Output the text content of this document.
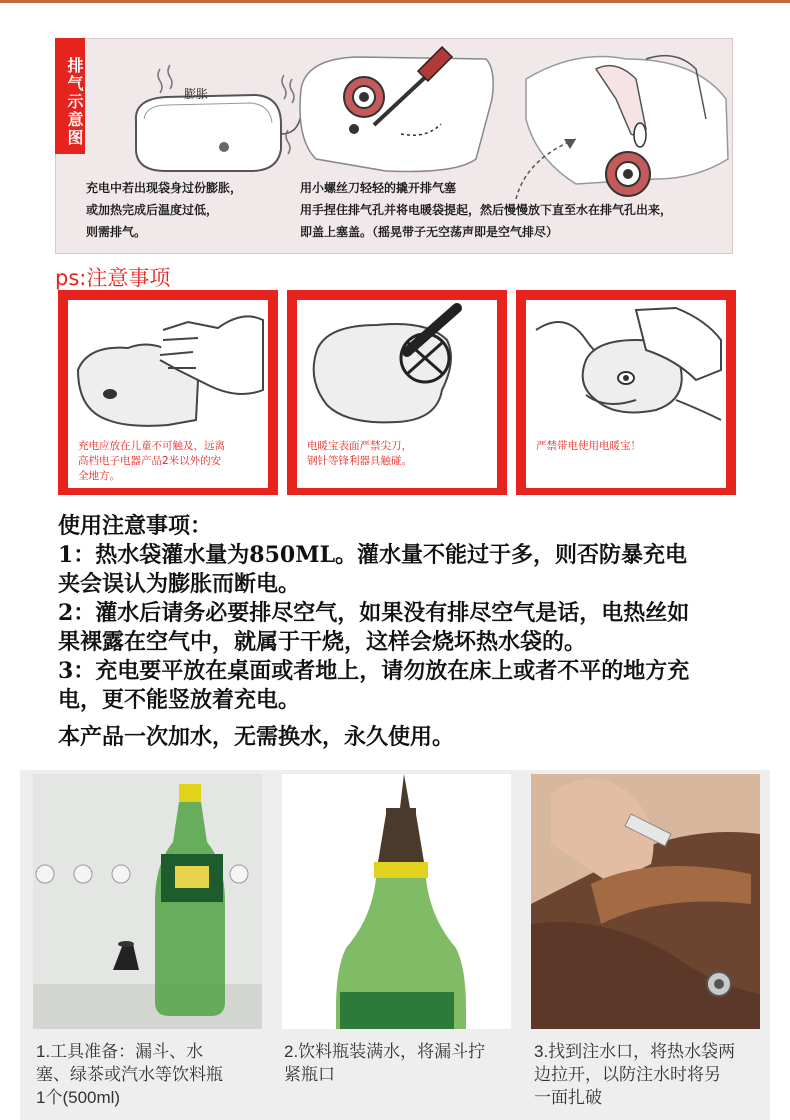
膨胀
充电中若出现袋身过份膨胀，
或加热完成后温度过低，
则需排气。
用小螺丝刀轻轻的撬开排气塞
用手捏住排气孔并将电暖袋提起，然后慢慢放下直至水在排气孔出来，
即盖上塞盖。（摇晃带子无空荡声即是空气排尽）
排气示意图
ps:注意事项
充电应放在儿童不可触及，远离
高档电子电器产品2米以外的安
全地方。
电暖宝表面严禁尖刀，
钢针等锋利器具触碰。
严禁带电使用电暖宝！

使用注意事项：

1：热水袋灌水量为850ML。灌水量不能过于多，则否防暴充电

夹会误认为膨胀而断电。

2：灌水后请务必要排尽空气，如果没有排尽空气是话，电热丝如

果裸露在空气中，就属于干烧，这样会烧坏热水袋的。

3：充电要平放在桌面或者地上，请勿放在床上或者不平的地方充

电，更不能竖放着充电。

本产品一次加水，无需换水，永久使用。

1.工具准备：漏斗、水
塞、绿茶或汽水等饮料瓶
1个(500ml)
2.饮料瓶装满水，将漏斗拧
紧瓶口
3.找到注水口，将热水袋两
边拉开，以防注水时将另
一面扎破
